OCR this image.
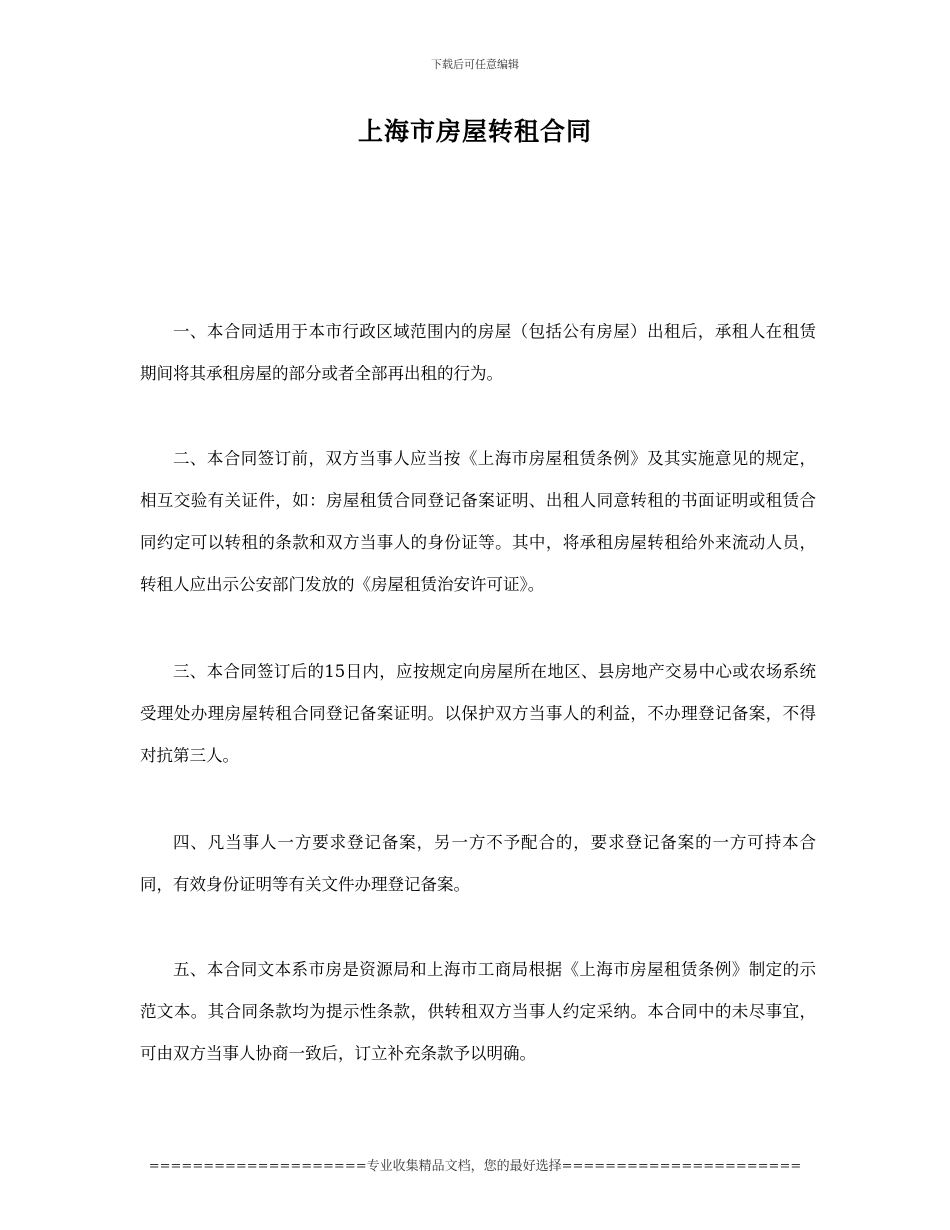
下载后可任意编辑
上海市房屋转租合同

一、本合同适用于本市行政区域范围内的房屋（包括公有房屋）出租后，承租人在租赁期间将其承租房屋的部分或者全部再出租的行为。

二、本合同签订前，双方当事人应当按《上海市房屋租赁条例》及其实施意见的规定，相互交验有关证件，如：房屋租赁合同登记备案证明、出租人同意转租的书面证明或租赁合同约定可以转租的条款和双方当事人的身份证等。其中，将承租房屋转租给外来流动人员，转租人应出示公安部门发放的《房屋租赁治安许可证》。

三、本合同签订后的15日内，应按规定向房屋所在地区、县房地产交易中心或农场系统受理处办理房屋转租合同登记备案证明。以保护双方当事人的利益，不办理登记备案，不得对抗第三人。

四、凡当事人一方要求登记备案，另一方不予配合的，要求登记备案的一方可持本合同，有效身份证明等有关文件办理登记备案。

五、本合同文本系市房是资源局和上海市工商局根据《上海市房屋租赁条例》制定的示范文本。其合同条款均为提示性条款，供转租双方当事人约定采纳。本合同中的未尽事宜，可由双方当事人协商一致后，订立补充条款予以明确。

====================专业收集精品文档，您的最好选择======================
